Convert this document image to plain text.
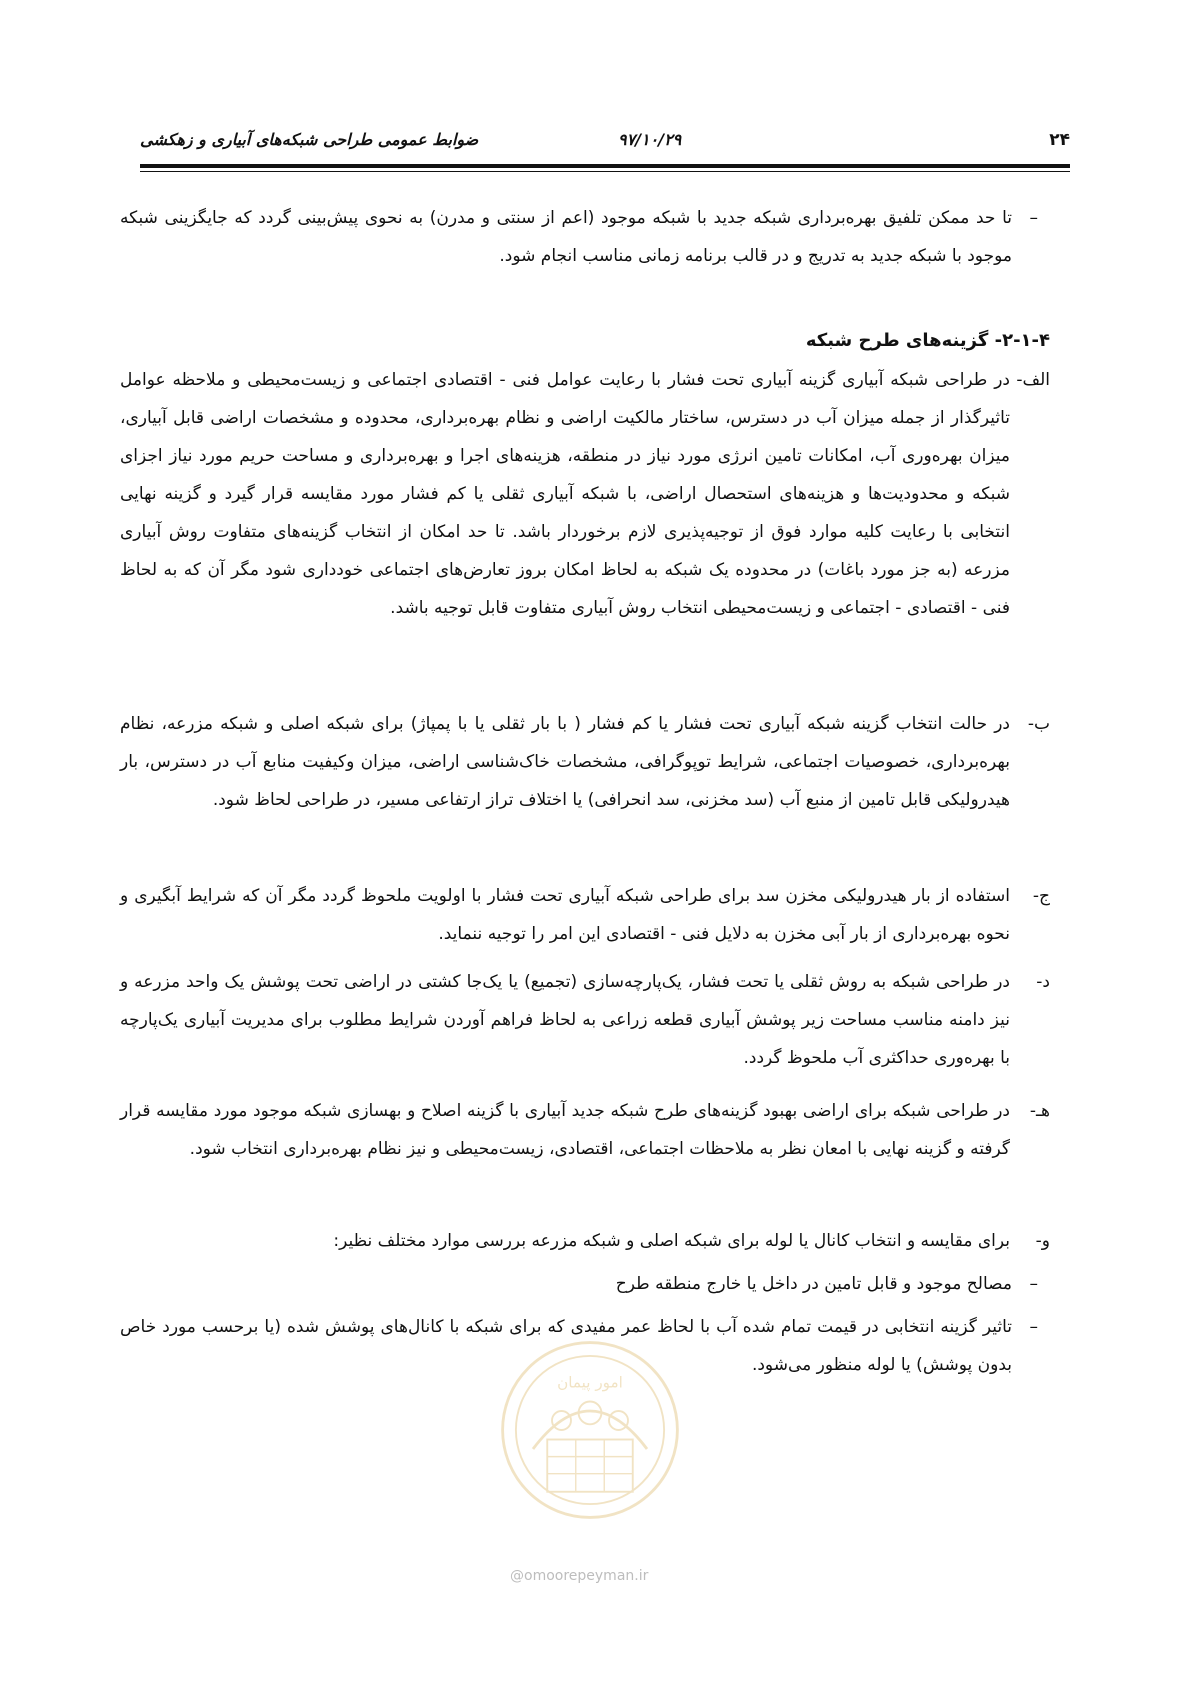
۲۴
۹۷/۱۰/۲۹
ضوابط عمومی طراحی شبکه‌های آبیاری و زهکشی
–
تا حد ممکن تلفیق بهره‌برداری شبکه جدید با شبکه موجود (اعم از سنتی و مدرن) به نحوی پیش‌بینی گردد که جایگزینی شبکه موجود با شبکه جدید به تدریج و در قالب برنامه زمانی مناسب انجام شود.
۲-۱-۴- گزینه‌های طرح شبکه
الف-
در طراحی شبکه آبیاری گزینه آبیاری تحت فشار با رعایت عوامل فنی - اقتصادی اجتماعی و زیست‌محیطی و ملاحظه عوامل تاثیرگذار از جمله میزان آب در دسترس، ساختار مالکیت اراضی و نظام بهره‌برداری، محدوده و مشخصات اراضی قابل آبیاری، میزان بهره‌وری آب، امکانات تامین انرژی مورد نیاز در منطقه، هزینه‌های اجرا و بهره‌برداری و مساحت حریم مورد نیاز اجزای شبکه و محدودیت‌ها و هزینه‌های استحصال اراضی، با شبکه آبیاری ثقلی یا کم فشار مورد مقایسه قرار گیرد و گزینه نهایی انتخابی با رعایت کلیه موارد فوق از توجیه‌پذیری لازم برخوردار باشد. تا حد امکان از انتخاب گزینه‌های متفاوت روش آبیاری مزرعه (به جز مورد باغات) در محدوده یک شبکه به لحاظ امکان بروز تعارض‌های اجتماعی خودداری شود مگر آن که به لحاظ فنی - اقتصادی - اجتماعی و زیست‌محیطی انتخاب روش آبیاری متفاوت قابل توجیه باشد.
ب-
در حالت انتخاب گزینه شبکه آبیاری تحت فشار یا کم فشار ( با بار ثقلی یا با پمپاژ) برای شبکه اصلی و شبکه مزرعه، نظام بهره‌برداری، خصوصیات اجتماعی، شرایط توپوگرافی، مشخصات خاک‌شناسی اراضی، میزان وکیفیت منابع آب در دسترس، بار هیدرولیکی قابل تامین از منبع آب (سد مخزنی، سد انحرافی) یا اختلاف تراز ارتفاعی مسیر، در طراحی لحاظ شود.
ج-
استفاده از بار هیدرولیکی مخزن سد برای طراحی شبکه آبیاری تحت فشار با اولویت ملحوظ گردد مگر آن که شرایط آبگیری و نحوه بهره‌برداری از بار آبی مخزن به دلایل فنی - اقتصادی این امر را توجیه ننماید.
د-
در طراحی شبکه به روش ثقلی یا تحت فشار، یک‌پارچه‌سازی (تجمیع) یا یک‌جا کشتی در اراضی تحت پوشش یک واحد مزرعه و نیز دامنه مناسب مساحت زیر پوشش آبیاری قطعه زراعی به لحاظ فراهم آوردن شرایط مطلوب برای مدیریت آبیاری یک‌پارچه با بهره‌وری حداکثری آب ملحوظ گردد.
هـ-
در طراحی شبکه برای اراضی بهبود گزینه‌های طرح شبکه جدید آبیاری با گزینه اصلاح و بهسازی شبکه موجود مورد مقایسه قرار گرفته و گزینه نهایی با امعان نظر به ملاحظات اجتماعی، اقتصادی، زیست‌محیطی و نیز نظام بهره‌برداری انتخاب شود.
و-
برای مقایسه و انتخاب کانال یا لوله برای شبکه اصلی و شبکه مزرعه بررسی موارد مختلف نظیر:
–
مصالح موجود و قابل تامین در داخل یا خارج منطقه طرح
–
تاثیر گزینه انتخابی در قیمت تمام شده آب با لحاظ عمر مفیدی که برای شبکه با کانال‌های پوشش شده (یا برحسب مورد خاص بدون پوشش) یا لوله منظور می‌شود.
امور پیمان
@omoorepeyman.ir
